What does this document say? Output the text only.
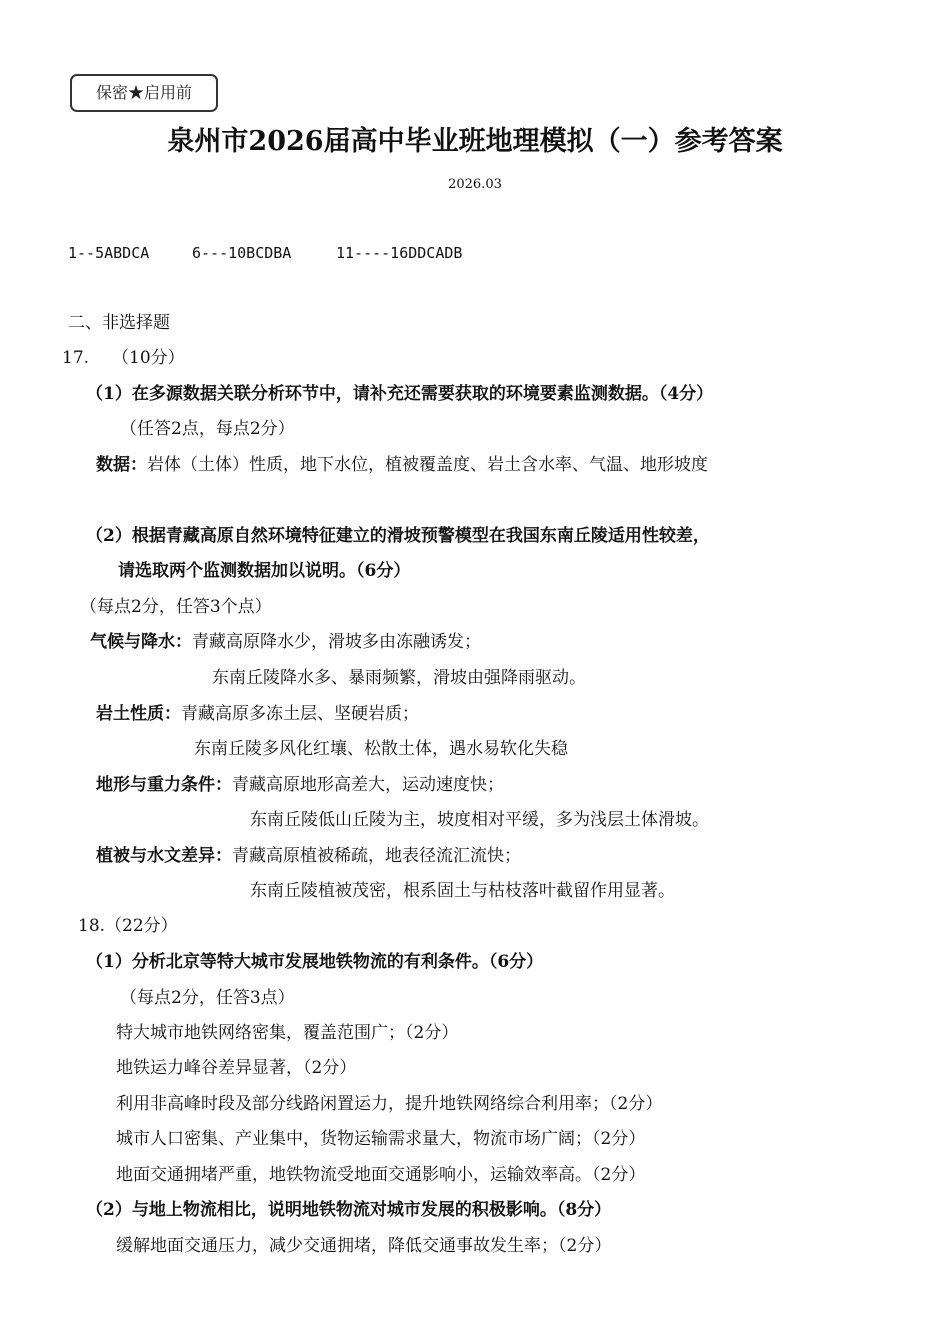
保密★启用前
泉州市2026届高中毕业班地理模拟（一）参考答案
2026.03
1--5ABDCA	6---10BCDBA	11----16DDCADB
二、非选择题
17. （10分）
（1）在多源数据关联分析环节中，请补充还需要获取的环境要素监测数据。（4分）
（任答2点，每点2分）
数据：岩体（土体）性质，地下水位，植被覆盖度、岩土含水率、气温、地形坡度
（2）根据青藏高原自然环境特征建立的滑坡预警模型在我国东南丘陵适用性较差，
请选取两个监测数据加以说明。（6分）
（每点2分，任答3个点）
气候与降水：青藏高原降水少，滑坡多由冻融诱发；
东南丘陵降水多、暴雨频繁，滑坡由强降雨驱动。
岩土性质：青藏高原多冻土层、坚硬岩质；
东南丘陵多风化红壤、松散土体，遇水易软化失稳
地形与重力条件：青藏高原地形高差大，运动速度快；
东南丘陵低山丘陵为主，坡度相对平缓，多为浅层土体滑坡。
植被与水文差异：青藏高原植被稀疏，地表径流汇流快；
东南丘陵植被茂密，根系固土与枯枝落叶截留作用显著。
18.（22分）
（1）分析北京等特大城市发展地铁物流的有利条件。（6分）
（每点2分，任答3点）
特大城市地铁网络密集，覆盖范围广；（2分）
地铁运力峰谷差异显著，（2分）
利用非高峰时段及部分线路闲置运力，提升地铁网络综合利用率；（2分）
城市人口密集、产业集中，货物运输需求量大，物流市场广阔；（2分）
地面交通拥堵严重，地铁物流受地面交通影响小，运输效率高。（2分）
（2）与地上物流相比，说明地铁物流对城市发展的积极影响。（8分）
缓解地面交通压力，减少交通拥堵，降低交通事故发生率；（2分）
